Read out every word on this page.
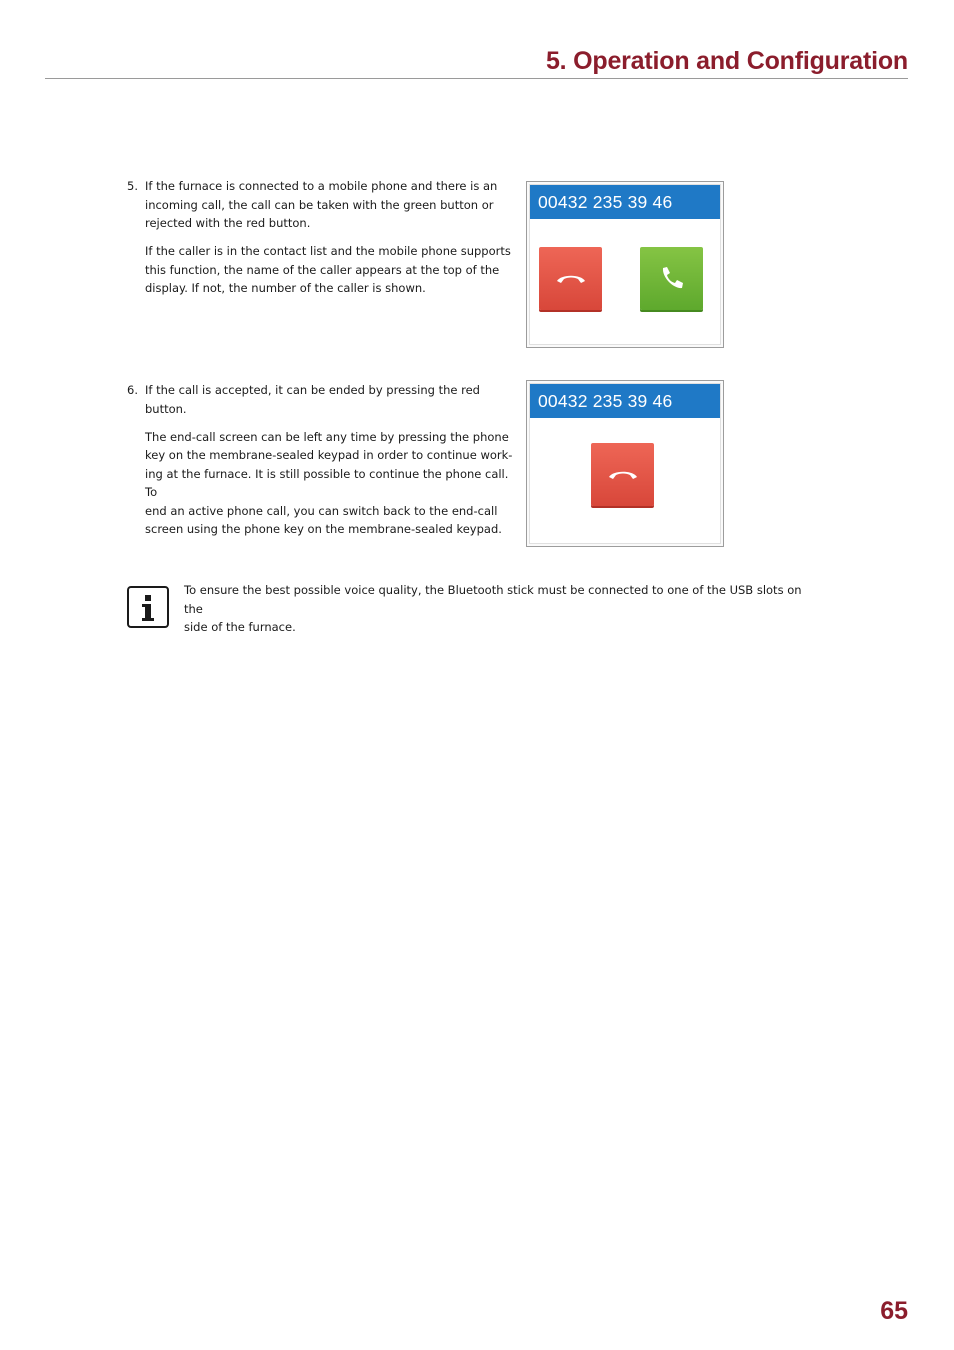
5. Operation and Configuration
5. If the furnace is connected to a mobile phone and there is an
incoming call, the call can be taken with the green button or
rejected with the red button.

If the caller is in the contact list and the mobile phone supports
this function, the name of the caller appears at the top of the
display. If not, the number of the caller is shown.

00432 235 39 46
6. If the call is accepted, it can be ended by pressing the red button.

The end-call screen can be left any time by pressing the phone
key on the membrane-sealed keypad in order to continue work-
ing at the furnace. It is still possible to continue the phone call. To
end an active phone call, you can switch back to the end-call
screen using the phone key on the membrane-sealed keypad.

00432 235 39 46
To ensure the best possible voice quality, the Bluetooth stick must be connected to one of the USB slots on the
side of the furnace.
65
